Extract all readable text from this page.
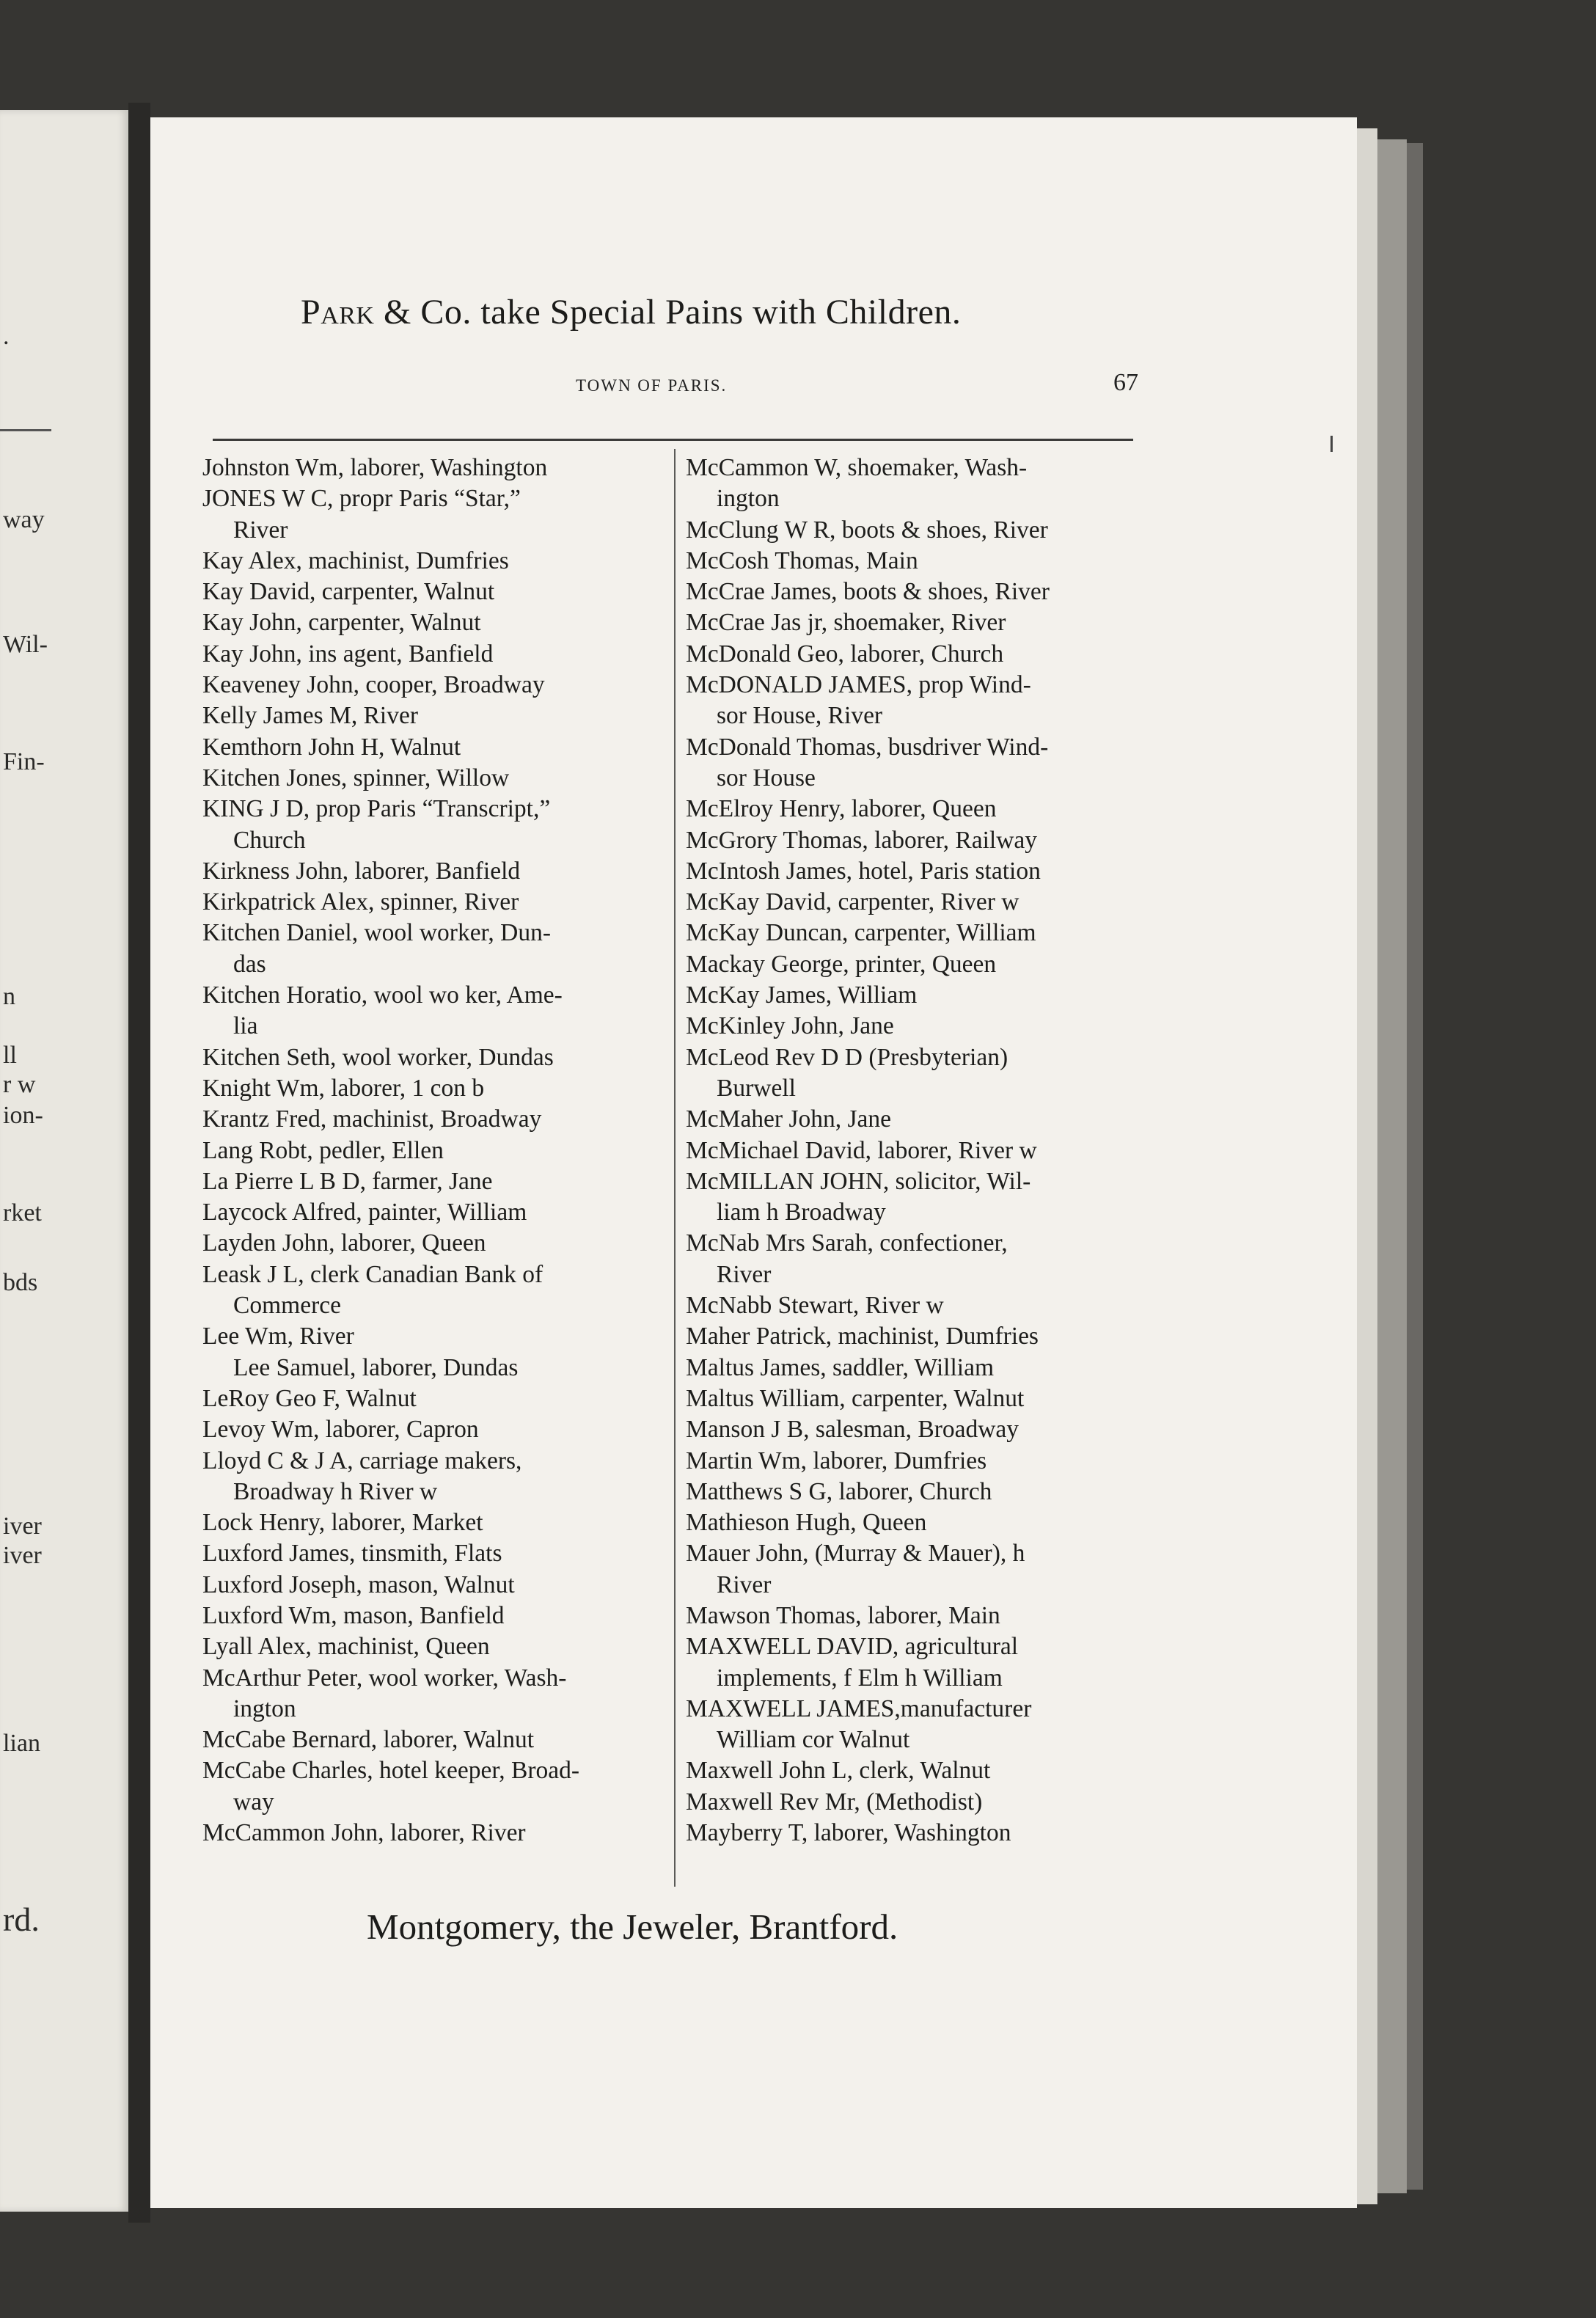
.
way
Wil-
Fin-
n
ll
r w
ion-
rket
bds
iver
iver
lian
rd.
Park & Co. take Special Pains with Children.
TOWN OF PARIS.	67
Johnston Wm, laborer, Washington
JONES W C, propr Paris “Star,”
River
Kay Alex, machinist, Dumfries
Kay David, carpenter, Walnut
Kay John, carpenter, Walnut
Kay John, ins agent, Banfield
Keaveney John, cooper, Broadway
Kelly James M, River
Kemthorn John H, Walnut
Kitchen Jones, spinner, Willow
KING J D, prop Paris “Transcript,”
Church
Kirkness John, laborer, Banfield
Kirkpatrick Alex, spinner, River
Kitchen Daniel, wool worker, Dun-
das
Kitchen Horatio, wool wo ker, Ame-
lia
Kitchen Seth, wool worker, Dundas
Knight Wm, laborer, 1 con b
Krantz Fred, machinist, Broadway
Lang Robt, pedler, Ellen
La Pierre L B D, farmer, Jane
Laycock Alfred, painter, William
Layden John, laborer, Queen
Leask J L, clerk Canadian Bank of
Commerce
Lee Wm, River
Lee Samuel, laborer, Dundas
LeRoy Geo F, Walnut
Levoy Wm, laborer, Capron
Lloyd C & J A, carriage makers,
Broadway h River w
Lock Henry, laborer, Market
Luxford James, tinsmith, Flats
Luxford Joseph, mason, Walnut
Luxford Wm, mason, Banfield
Lyall Alex, machinist, Queen
McArthur Peter, wool worker, Wash-
ington
McCabe Bernard, laborer, Walnut
McCabe Charles, hotel keeper, Broad-
way
McCammon John, laborer, River
McCammon W, shoemaker, Wash-
ington
McClung W R, boots & shoes, River
McCosh Thomas, Main
McCrae James, boots & shoes, River
McCrae Jas jr, shoemaker, River
McDonald Geo, laborer, Church
McDONALD JAMES, prop Wind-
sor House, River
McDonald Thomas, busdriver Wind-
sor House
McElroy Henry, laborer, Queen
McGrory Thomas, laborer, Railway
McIntosh James, hotel, Paris station
McKay David, carpenter, River w
McKay Duncan, carpenter, William
Mackay George, printer, Queen
McKay James, William
McKinley John, Jane
McLeod Rev D D (Presbyterian)
Burwell
McMaher John, Jane
McMichael David, laborer, River w
McMILLAN JOHN, solicitor, Wil-
liam h Broadway
McNab Mrs Sarah, confectioner,
River
McNabb Stewart, River w
Maher Patrick, machinist, Dumfries
Maltus James, saddler, William
Maltus William, carpenter, Walnut
Manson J B, salesman, Broadway
Martin Wm, laborer, Dumfries
Matthews S G, laborer, Church
Mathieson Hugh, Queen
Mauer John, (Murray & Mauer), h
River
Mawson Thomas, laborer, Main
MAXWELL DAVID, agricultural
implements, f Elm h William
MAXWELL JAMES,manufacturer
William cor Walnut
Maxwell John L, clerk, Walnut
Maxwell Rev Mr, (Methodist)
Mayberry T, laborer, Washington
Montgomery, the Jeweler, Brantford.
